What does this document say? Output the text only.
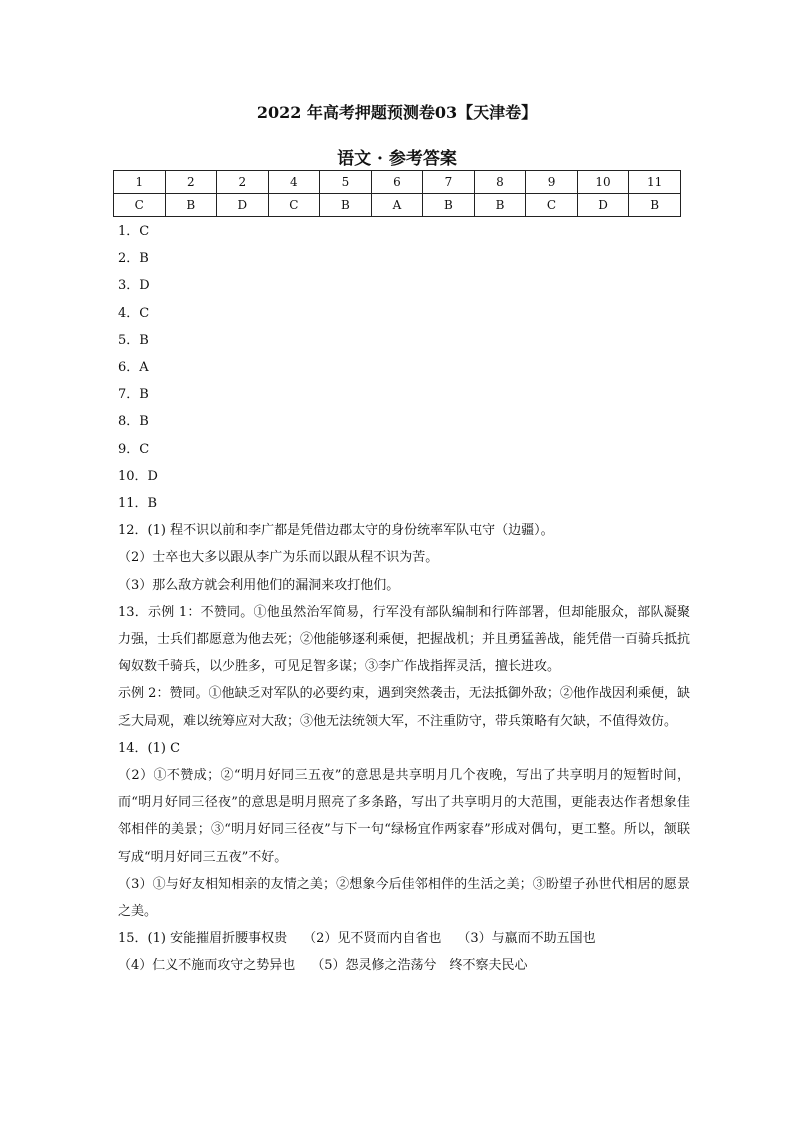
2022 年高考押题预测卷03【天津卷】
语文 · 参考答案
1	2	2	4	5	6	7	8	9	10	11
C	B	D	C	B	A	B	B	C	D	B
1．C
2．B
3．D
4．C
5．B
6．A
7．B
8．B
9．C
10．D
11．B
12．(1) 程不识以前和李广都是凭借边郡太守的身份统率军队屯守（边疆）。
（2）士卒也大多以跟从李广为乐而以跟从程不识为苦。
（3）那么敌方就会利用他们的漏洞来攻打他们。
13．示例 1：不赞同。①他虽然治军简易，行军没有部队编制和行阵部署，但却能服众，部队凝聚力强，士兵们都愿意为他去死；②他能够逐利乘便，把握战机；并且勇猛善战，能凭借一百骑兵抵抗匈奴数千骑兵，以少胜多，可见足智多谋；③李广作战指挥灵活，擅长进攻。
示例 2：赞同。①他缺乏对军队的必要约束，遇到突然袭击，无法抵御外敌；②他作战因利乘便，缺乏大局观，难以统筹应对大敌；③他无法统领大军，不注重防守，带兵策略有欠缺，不值得效仿。
14．(1) C
（2）①不赞成；②“明月好同三五夜”的意思是共享明月几个夜晚，写出了共享明月的短暂时间，而“明月好同三径夜”的意思是明月照亮了多条路，写出了共享明月的大范围，更能表达作者想象佳邻相伴的美景；③“明月好同三径夜”与下一句“绿杨宜作两家春”形成对偶句，更工整。所以，颔联写成“明月好同三五夜”不好。
（3）①与好友相知相亲的友情之美；②想象今后佳邻相伴的生活之美；③盼望子孙世代相居的愿景之美。
15．(1) 安能摧眉折腰事权贵 （2）见不贤而内自省也 （3）与嬴而不助五国也
（4）仁义不施而攻守之势异也 （5）怨灵修之浩荡兮　终不察夫民心
